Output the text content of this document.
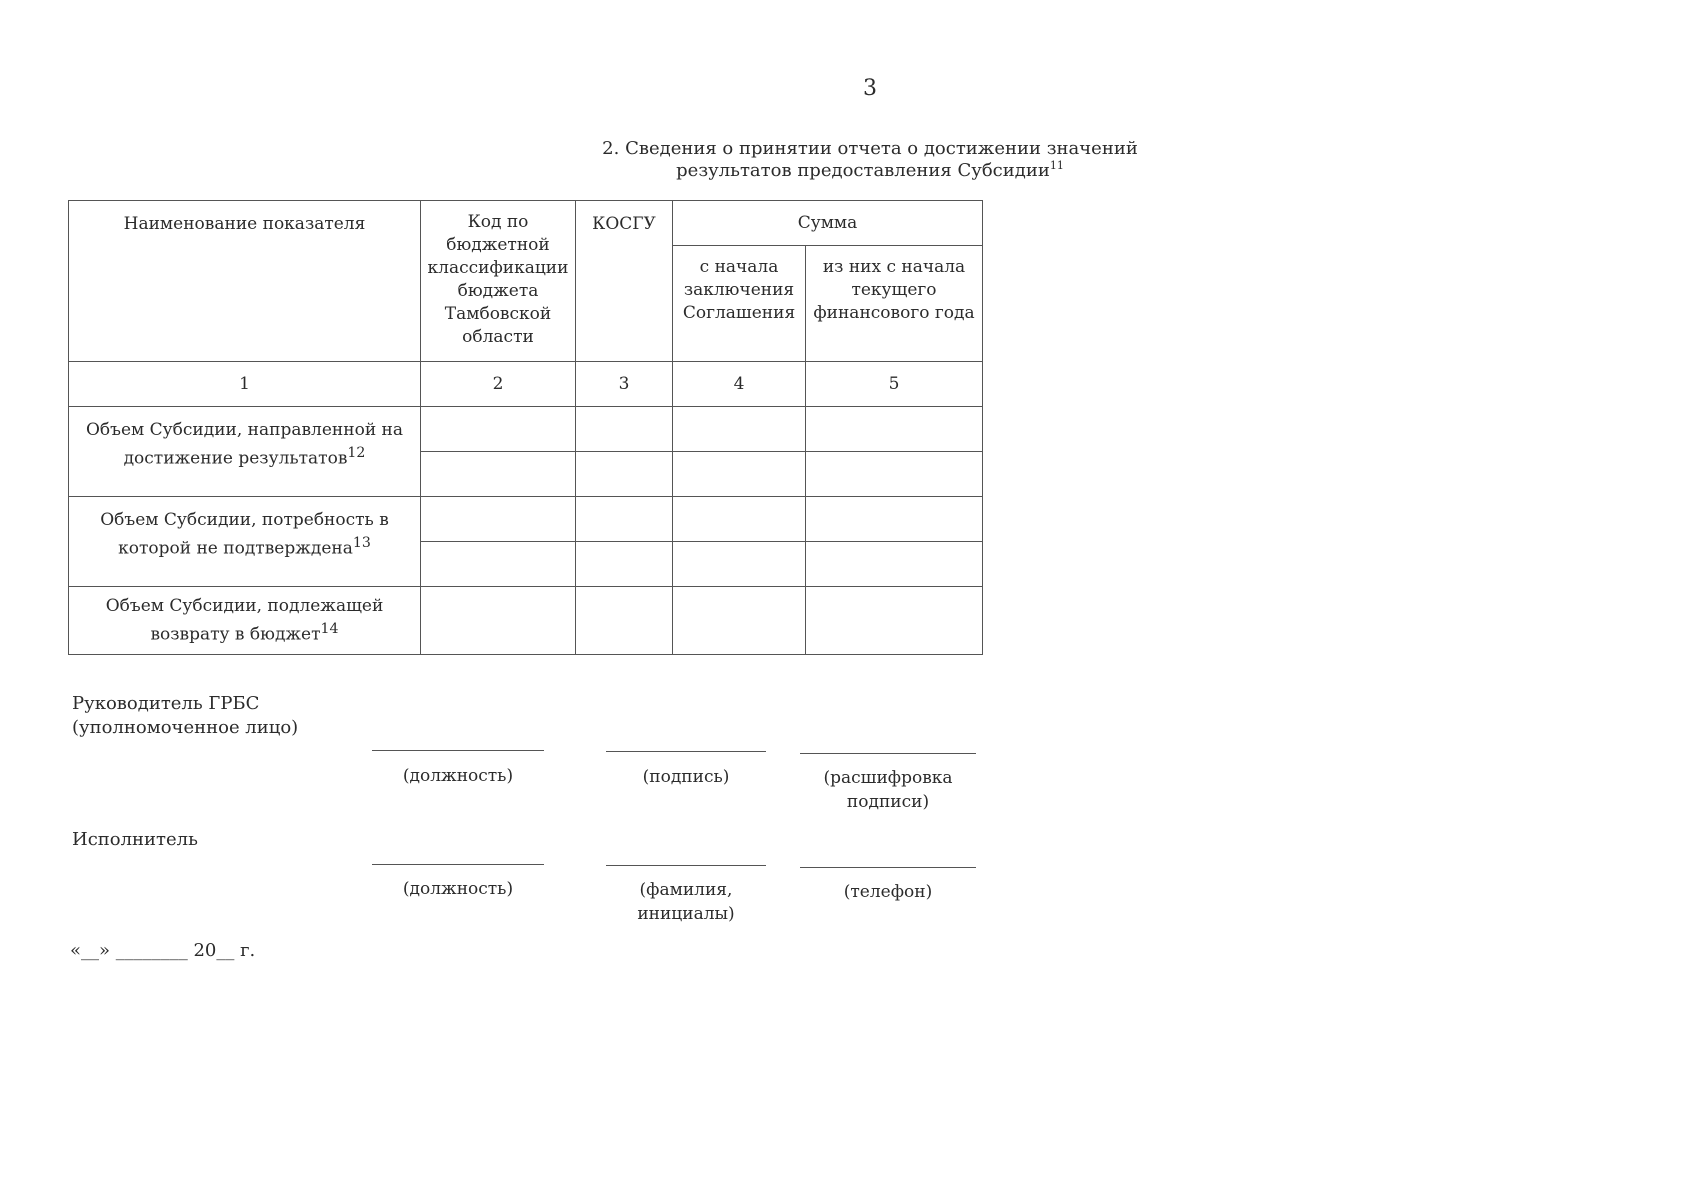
3
2. Сведения о принятии отчета о достижении значений
результатов предоставления Субсидии$^{11}$
Наименование показателя	Код по бюджетной классификации бюджета Тамбовской области	КОСГУ	Сумма	
			с начала заключения Соглашения	из них с начала текущего финансового года
1	2	3	4	5
Объем Субсидии, направленной на достижение результатов$^{12}$				

Объем Субсидии, потребность в которой не подтверждена$^{13}$				

Объем Субсидии, подлежащей возврату в бюджет$^{14}$				
Руководитель ГРБС
(уполномоченное лицо)
(должность)	(подпись)	(расшифровка подписи)
Исполнитель
(должность)	(фамилия, инициалы)
(телефон)
«__» ________ 20__ г.
